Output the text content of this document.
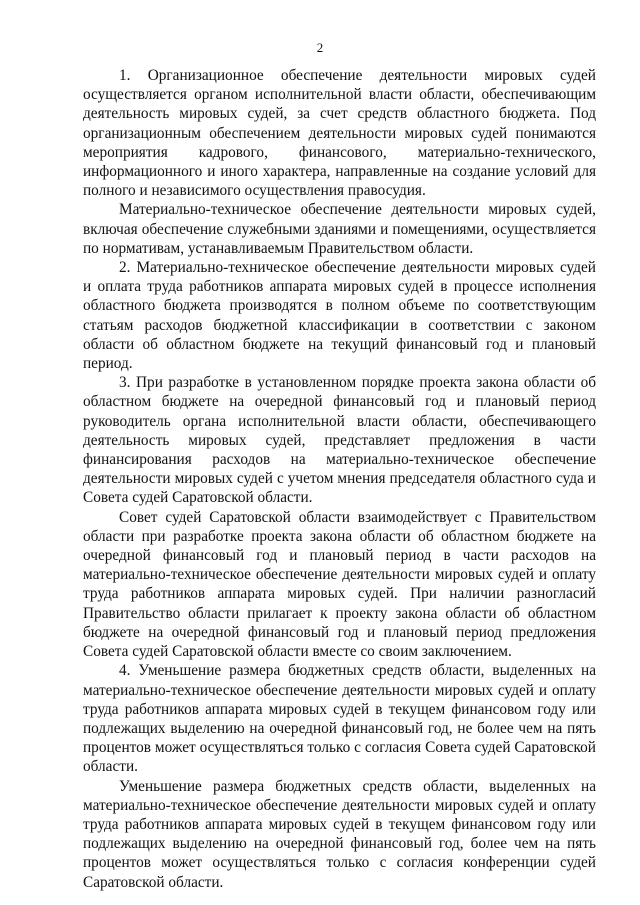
2

1. Организационное обеспечение деятельности мировых судей осуществляется органом исполнительной власти области, обеспечивающим деятельность мировых судей, за счет средств областного бюджета. Под организационным обеспечением деятельности мировых судей понимаются мероприятия кадрового, финансового, материально-технического, информационного и иного характера, направленные на создание условий для полного и независимого осуществления правосудия.

Материально-техническое обеспечение деятельности мировых судей, включая обеспечение служебными зданиями и помещениями, осуществляется по нормативам, устанавливаемым Правительством области.

2. Материально-техническое обеспечение деятельности мировых судей и оплата труда работников аппарата мировых судей в процессе исполнения областного бюджета производятся в полном объеме по соответствующим статьям расходов бюджетной классификации в соответствии с законом области об областном бюджете на текущий финансовый год и плановый период.

3. При разработке в установленном порядке проекта закона области об областном бюджете на очередной финансовый год и плановый период руководитель органа исполнительной власти области, обеспечивающего деятельность мировых судей, представляет предложения в части финансирования расходов на материально-техническое обеспечение деятельности мировых судей с учетом мнения председателя областного суда и Совета судей Саратовской области.

Совет судей Саратовской области взаимодействует с Правительством области при разработке проекта закона области об областном бюджете на очередной финансовый год и плановый период в части расходов на материально-техническое обеспечение деятельности мировых судей и оплату труда работников аппарата мировых судей. При наличии разногласий Правительство области прилагает к проекту закона области об областном бюджете на очередной финансовый год и плановый период предложения Совета судей Саратовской области вместе со своим заключением.

4. Уменьшение размера бюджетных средств области, выделенных на материально-техническое обеспечение деятельности мировых судей и оплату труда работников аппарата мировых судей в текущем финансовом году или подлежащих выделению на очередной финансовый год, не более чем на пять процентов может осуществляться только с согласия Совета судей Саратовской области.

Уменьшение размера бюджетных средств области, выделенных на материально-техническое обеспечение деятельности мировых судей и оплату труда работников аппарата мировых судей в текущем финансовом году или подлежащих выделению на очередной финансовый год, более чем на пять процентов может осуществляться только с согласия конференции судей Саратовской области.
